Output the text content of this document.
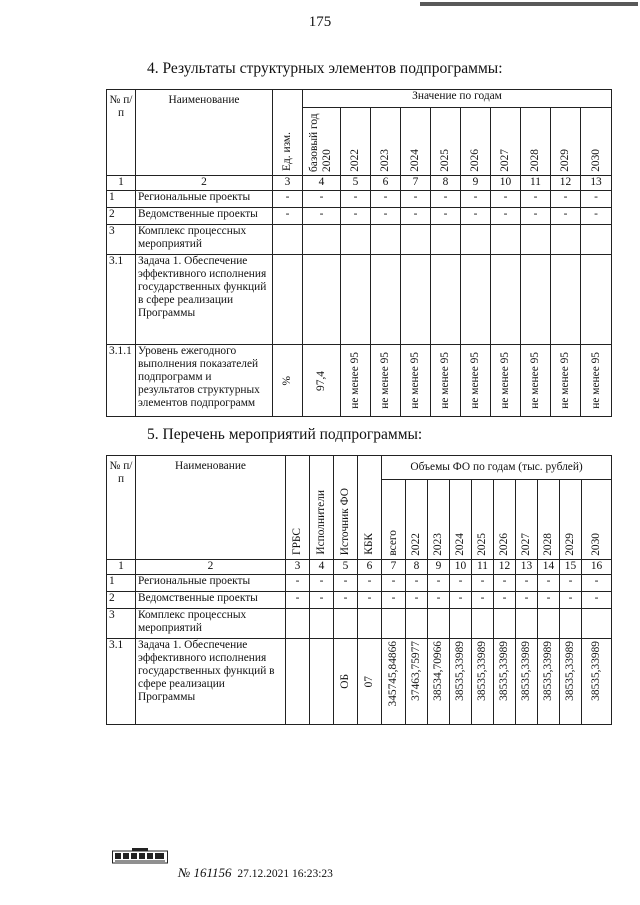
175
4. Результаты структурных элементов подпрограммы:
№ п/п	Наименование	Ед. изм.	Значение по годам									

			базовый год 2020	2022	2023	2024	2025	2026	2027	2028	2029	2030

1	2	3	4	5	6	7	8	9	10	11	12	13
1	Региональные проекты	-	-	-	-	-	-	-	-	-	-	-
2	Ведомственные проекты	-	-	-	-	-	-	-	-	-	-	-
3	Комплекс процессных мероприятий											
3.1	Задача 1. Обеспечение эффективного исполнения государственных функций в сфере реализации Программы											
3.1.1	Уровень ежегодного выполнения показателей подпрограмм и результатов структурных элементов подпрограмм	%	97,4	не менее 95	не менее 95	не менее 95	не менее 95	не менее 95	не менее 95	не менее 95	не менее 95	не менее 95
5. Перечень мероприятий подпрограммы:
№ п/п	Наименование	ГРБС	Исполнители	Источник ФО	КБК	Объемы ФО по годам (тыс. рублей)									

						всего	2022	2023	2024	2025	2026	2027	2028	2029	2030

1	2	3	4	5	6	7	8	9	10	11	12	13	14	15	16
1	Региональные проекты	-	-	-	-	-	-	-	-	-	-	-	-	-	-
2	Ведомственные проекты	-	-	-	-	-	-	-	-	-	-	-	-	-	-
3	Комплекс процессных мероприятий														
3.1	Задача 1. Обеспечение эффективного исполнения государственных функций в сфере реализации Программы			ОБ	07	345745,84866	37463,75977	38534,70966	38535,33989	38535,33989	38535,33989	38535,33989	38535,33989	38535,33989	38535,33989
№ 161156 27.12.2021 16:23:23
